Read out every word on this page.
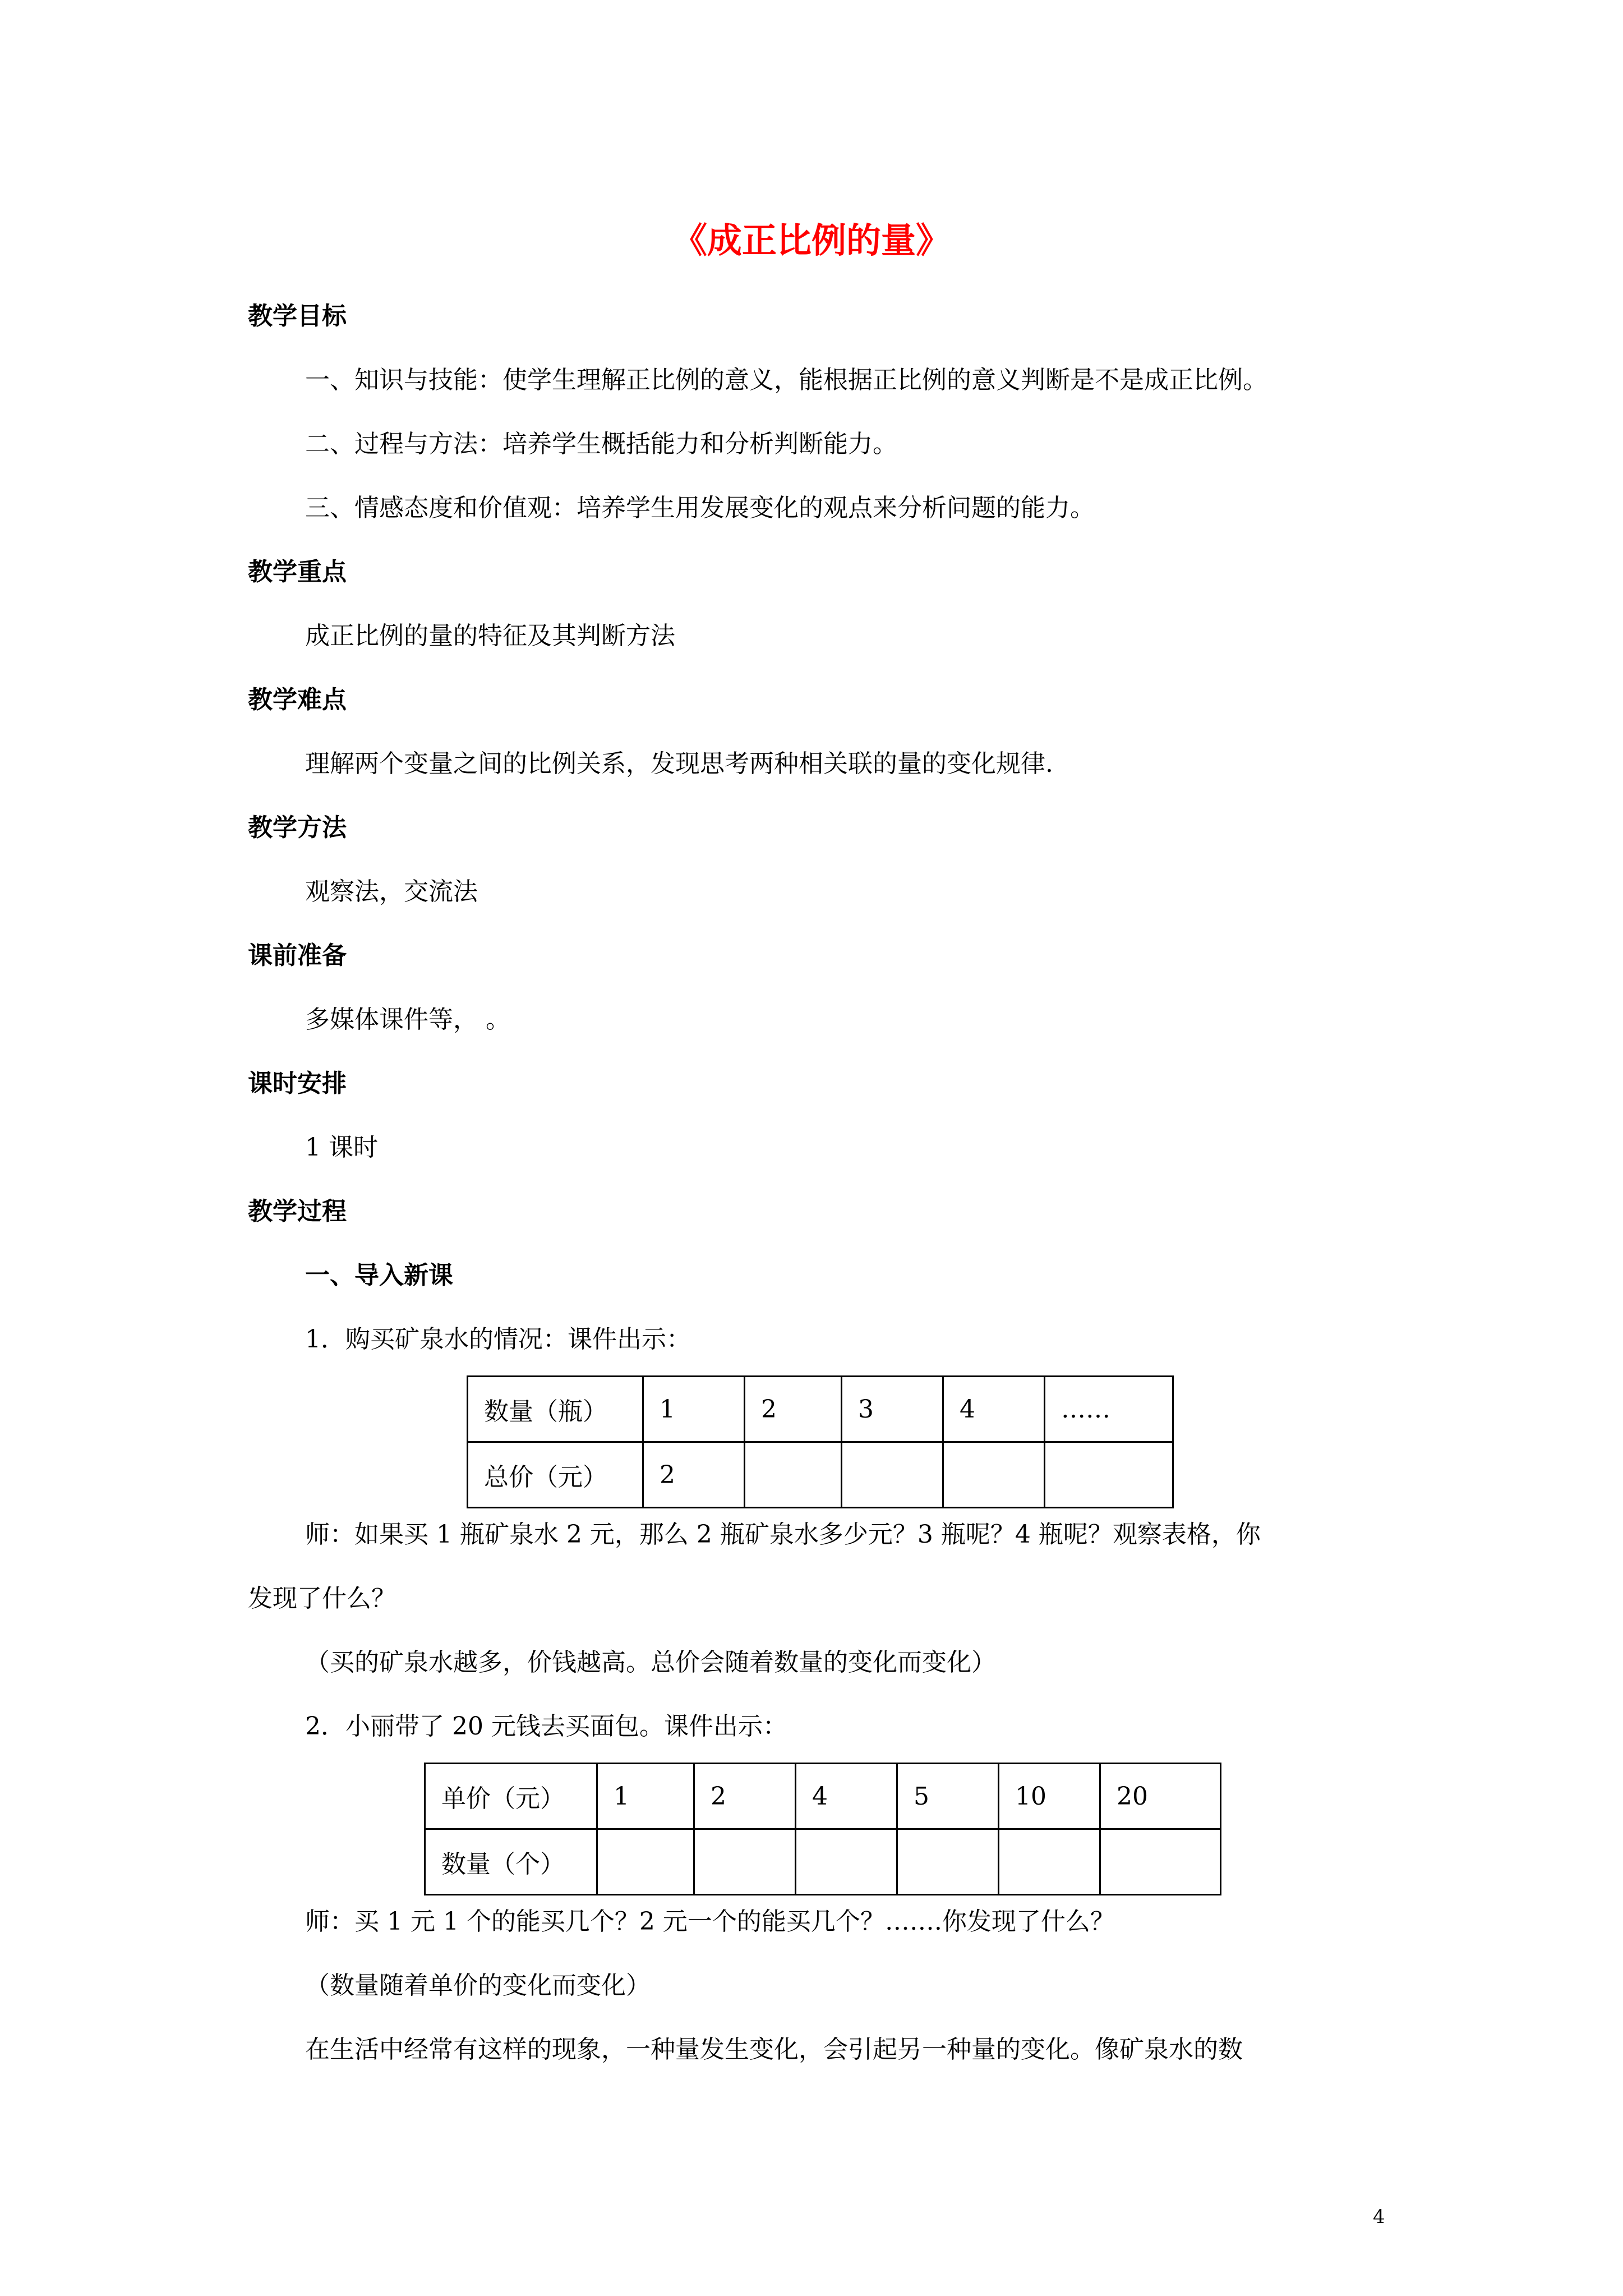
《成正比例的量》
教学目标
一、知识与技能：使学生理解正比例的意义，能根据正比例的意义判断是不是成正比例。
二、过程与方法：培养学生概括能力和分析判断能力。
三、情感态度和价值观：培养学生用发展变化的观点来分析问题的能力。
教学重点
成正比例的量的特征及其判断方法
教学难点
理解两个变量之间的比例关系，发现思考两种相关联的量的变化规律.
教学方法
观察法，交流法
课前准备
多媒体课件等， 。
课时安排
1 课时
教学过程
一、导入新课
1．购买矿泉水的情况：课件出示：
数量（瓶）	1	2	3	4	……
总价（元）	2				
师：如果买 1 瓶矿泉水 2 元，那么 2 瓶矿泉水多少元？3 瓶呢？4 瓶呢？观察表格，你
发现了什么？
（买的矿泉水越多，价钱越高。总价会随着数量的变化而变化）
2．小丽带了 20 元钱去买面包。课件出示：
单价（元）	1	2	4	5	10	20
数量（个）						
师：买 1 元 1 个的能买几个？2 元一个的能买几个？…….你发现了什么？
（数量随着单价的变化而变化）
在生活中经常有这样的现象，一种量发生变化，会引起另一种量的变化。像矿泉水的数
4
